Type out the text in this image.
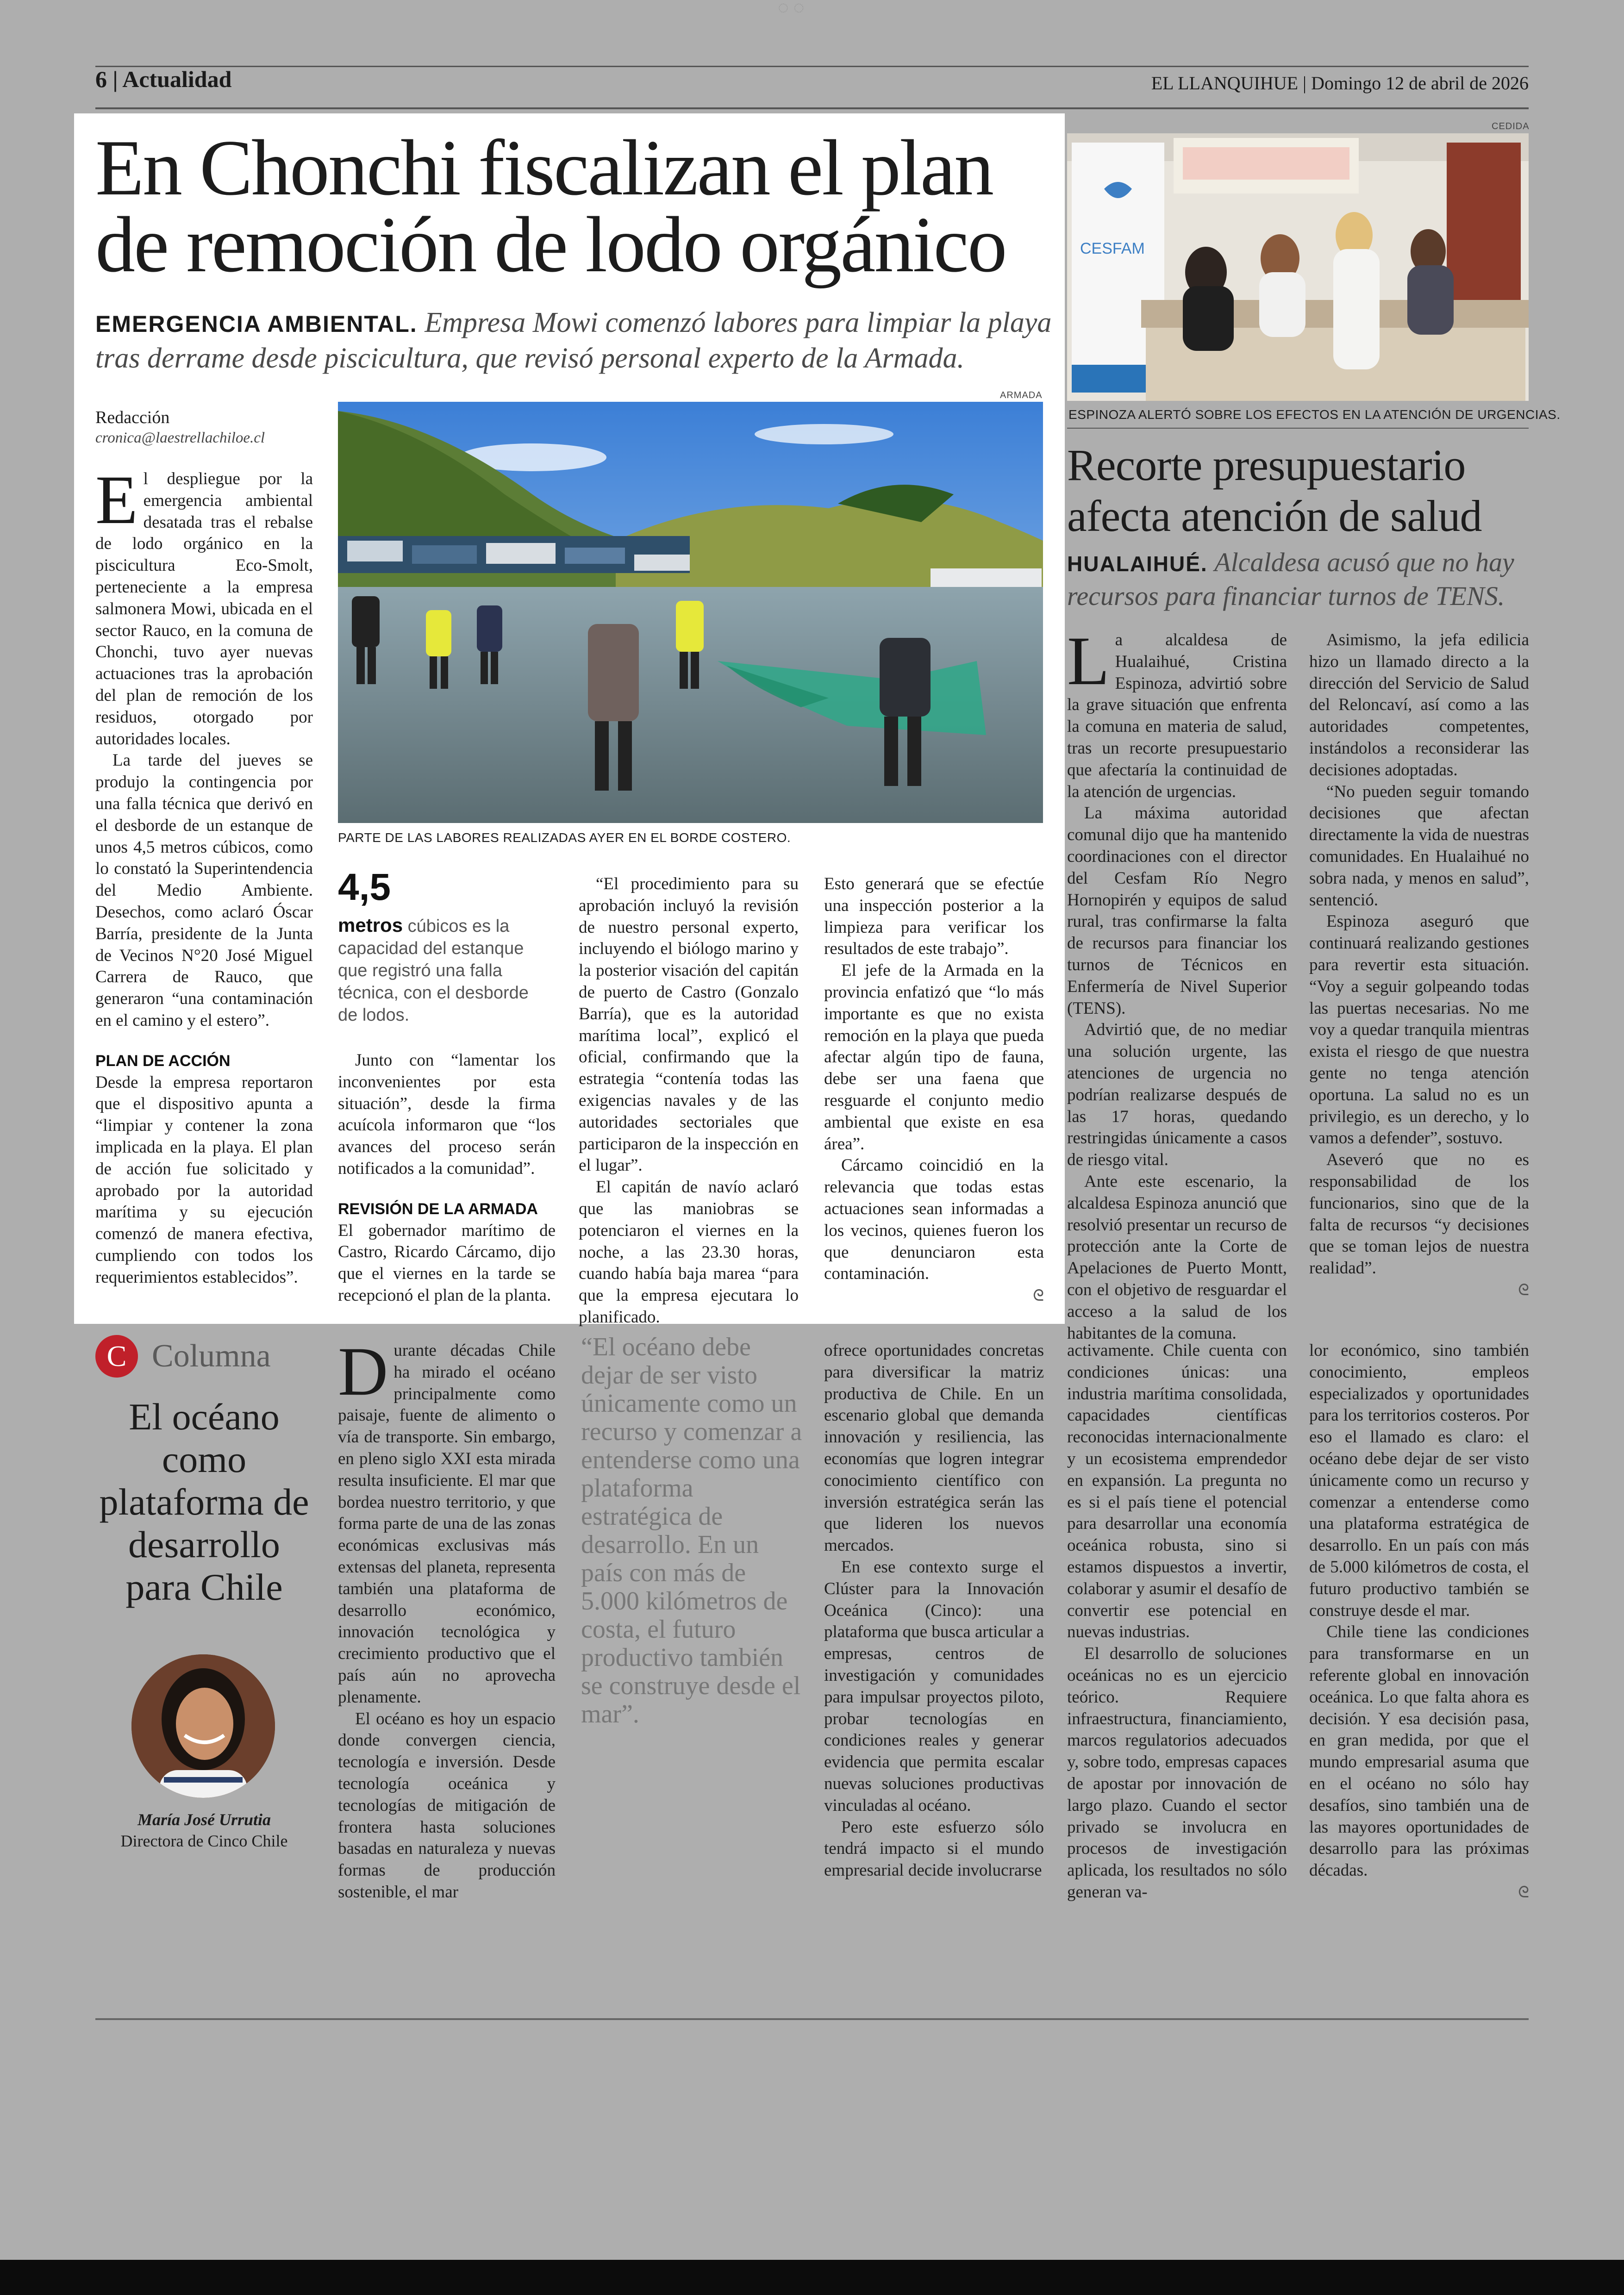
◌ ◌
6 | Actualidad	EL LLANQUIHUE | Domingo 12 de abril de 2026
En Chonchi fiscalizan el plan de remoción de lodo orgánico
EMERGENCIA AMBIENTAL. Empresa Mowi comenzó labores para limpiar la playa tras derrame desde piscicultura, que revisó personal experto de la Armada.
Redacción
cronica@laestrellachiloe.cl
ARMADA
PARTE DE LAS LABORES REALIZADAS AYER EN EL BORDE COSTERO.

El despliegue por la emergencia ambiental desatada tras el rebalse de lodo orgánico en la piscicultura Eco-Smolt, perteneciente a la empresa salmonera Mowi, ubicada en el sector Rauco, en la comuna de Chonchi, tuvo ayer nuevas actuaciones tras la aprobación del plan de remoción de los residuos, otorgado por autoridades locales.

La tarde del jueves se produjo la contingencia por una falla técnica que derivó en el desborde de un estanque de unos 4,5 metros cúbicos, como lo constató la Superintendencia del Medio Ambiente. Desechos, como aclaró Óscar Barría, presidente de la Junta de Vecinos N°20 José Miguel Carrera de Rauco, que generaron “una contaminación en el camino y el estero”.

PLAN DE ACCIÓN

Desde la empresa reportaron que el dispositivo apunta a “limpiar y contener la zona implicada en la playa. El plan de acción fue solicitado y aprobado por la autoridad marítima y su ejecución comenzó de manera efectiva, cumpliendo con todos los requerimientos establecidos”.

4,5
metros cúbicos es la capacidad del estanque que registró una falla técnica, con el desborde de lodos.

Junto con “lamentar los inconvenientes por esta situación”, desde la firma acuícola informaron que “los avances del proceso serán notificados a la comunidad”.

REVISIÓN DE LA ARMADA

El gobernador marítimo de Castro, Ricardo Cárcamo, dijo que el viernes en la tarde se recepcionó el plan de la planta.

“El procedimiento para su aprobación incluyó la revisión de nuestro personal experto, incluyendo el biólogo marino y la posterior visación del capitán de puerto de Castro (Gonzalo Barría), que es la autoridad marítima local”, explicó el oficial, confirmando que la estrategia “contenía todas las exigencias navales y de las autoridades sectoriales que participaron de la inspección en el lugar”.

El capitán de navío aclaró que las maniobras se potenciaron el viernes en la noche, a las 23.30 horas, cuando había baja marea “para que la empresa ejecutara lo planificado.

Esto generará que se efectúe una inspección posterior a la limpieza para verificar los resultados de este trabajo”.

El jefe de la Armada en la provincia enfatizó que “lo más importante es que no exista remoción en la playa que pueda afectar algún tipo de fauna, debe ser una faena que resguarde el conjunto medio ambiental que existe en esa área”.

Cárcamo coincidió en la relevancia que todas estas actuaciones sean informadas a los vecinos, quienes fueron los que denunciaron esta contaminación.

ᘓ

CEDIDA
CESFAM
ESPINOZA ALERTÓ SOBRE LOS EFECTOS EN LA ATENCIÓN DE URGENCIAS.
Recorte presupuestario afecta atención de salud
HUALAIHUÉ. Alcaldesa acusó que no hay recursos para financiar turnos de TENS.

La alcaldesa de Hualaihué, Cristina Espinoza, advirtió sobre la grave situación que enfrenta la comuna en materia de salud, tras un recorte presupuestario que afectaría la continuidad de la atención de urgencias.

La máxima autoridad comunal dijo que ha mantenido coordinaciones con el director del Cesfam Río Negro Hornopirén y equipos de salud rural, tras confirmarse la falta de recursos para financiar los turnos de Técnicos en Enfermería de Nivel Superior (TENS).

Advirtió que, de no mediar una solución urgente, las atenciones de urgencia no podrían realizarse después de las 17 horas, quedando restringidas únicamente a casos de riesgo vital.

Ante este escenario, la alcaldesa Espinoza anunció que resolvió presentar un recurso de protección ante la Corte de Apelaciones de Puerto Montt, con el objetivo de resguardar el acceso a la salud de los habitantes de la comuna.

Asimismo, la jefa edilicia hizo un llamado directo a la dirección del Servicio de Salud del Reloncaví, así como a las autoridades competentes, instándolos a reconsiderar las decisiones adoptadas.

“No pueden seguir tomando decisiones que afectan directamente la vida de nuestras comunidades. En Hualaihué no sobra nada, y menos en salud”, sentenció.

Espinoza aseguró que continuará realizando gestiones para revertir esta situación. “Voy a seguir golpeando todas las puertas necesarias. No me voy a quedar tranquila mientras exista el riesgo de que nuestra gente no tenga atención oportuna. La salud no es un privilegio, es un derecho, y lo vamos a defender”, sostuvo.

Aseveró que no es responsabilidad de los funcionarios, sino que de la falta de recursos “y decisiones que se toman lejos de nuestra realidad”.

ᘓ

C Columna
El océano como plataforma de desarrollo para Chile
María José Urrutia
Directora de Cinco Chile

Durante décadas Chile ha mirado el océano principalmente como paisaje, fuente de alimento o vía de transporte. Sin embargo, en pleno siglo XXI esta mirada resulta insuficiente. El mar que bordea nuestro territorio, y que forma parte de una de las zonas económicas exclusivas más extensas del planeta, representa también una plataforma de desarrollo económico, innovación tecnológica y crecimiento productivo que el país aún no aprovecha plenamente.

El océano es hoy un espacio donde convergen ciencia, tecnología e inversión. Desde tecnología oceánica y tecnologías de mitigación de frontera hasta soluciones basadas en naturaleza y nuevas formas de producción sostenible, el mar

“El océano debe dejar de ser visto únicamente como un recurso y comenzar a entenderse como una plataforma estratégica de desarrollo. En un país con más de 5.000 kilómetros de costa, el futuro productivo también se construye desde el mar”.

ofrece oportunidades concretas para diversificar la matriz productiva de Chile. En un escenario global que demanda innovación y resiliencia, las economías que logren integrar conocimiento científico con inversión estratégica serán las que lideren los nuevos mercados.

En ese contexto surge el Clúster para la Innovación Oceánica (Cinco): una plataforma que busca articular a empresas, centros de investigación y comunidades para impulsar proyectos piloto, probar tecnologías en condiciones reales y generar evidencia que permita escalar nuevas soluciones productivas vinculadas al océano.

Pero este esfuerzo sólo tendrá impacto si el mundo empresarial decide involucrarse

activamente. Chile cuenta con condiciones únicas: una industria marítima consolidada, capacidades científicas reconocidas internacionalmente y un ecosistema emprendedor en expansión. La pregunta no es si el país tiene el potencial para desarrollar una economía oceánica robusta, sino si estamos dispuestos a invertir, colaborar y asumir el desafío de convertir ese potencial en nuevas industrias.

El desarrollo de soluciones oceánicas no es un ejercicio teórico. Requiere infraestructura, financiamiento, marcos regulatorios adecuados y, sobre todo, empresas capaces de apostar por innovación de largo plazo. Cuando el sector privado se involucra en procesos de investigación aplicada, los resultados no sólo generan va-

lor económico, sino también conocimiento, empleos especializados y oportunidades para los territorios costeros. Por eso el llamado es claro: el océano debe dejar de ser visto únicamente como un recurso y comenzar a entenderse como una plataforma estratégica de desarrollo. En un país con más de 5.000 kilómetros de costa, el futuro productivo también se construye desde el mar.

Chile tiene las condiciones para transformarse en un referente global en innovación oceánica. Lo que falta ahora es decisión. Y esa decisión pasa, en gran medida, por que el mundo empresarial asuma que en el océano no sólo hay desafíos, sino también una de las mayores oportunidades de desarrollo para las próximas décadas.

ᘓ
